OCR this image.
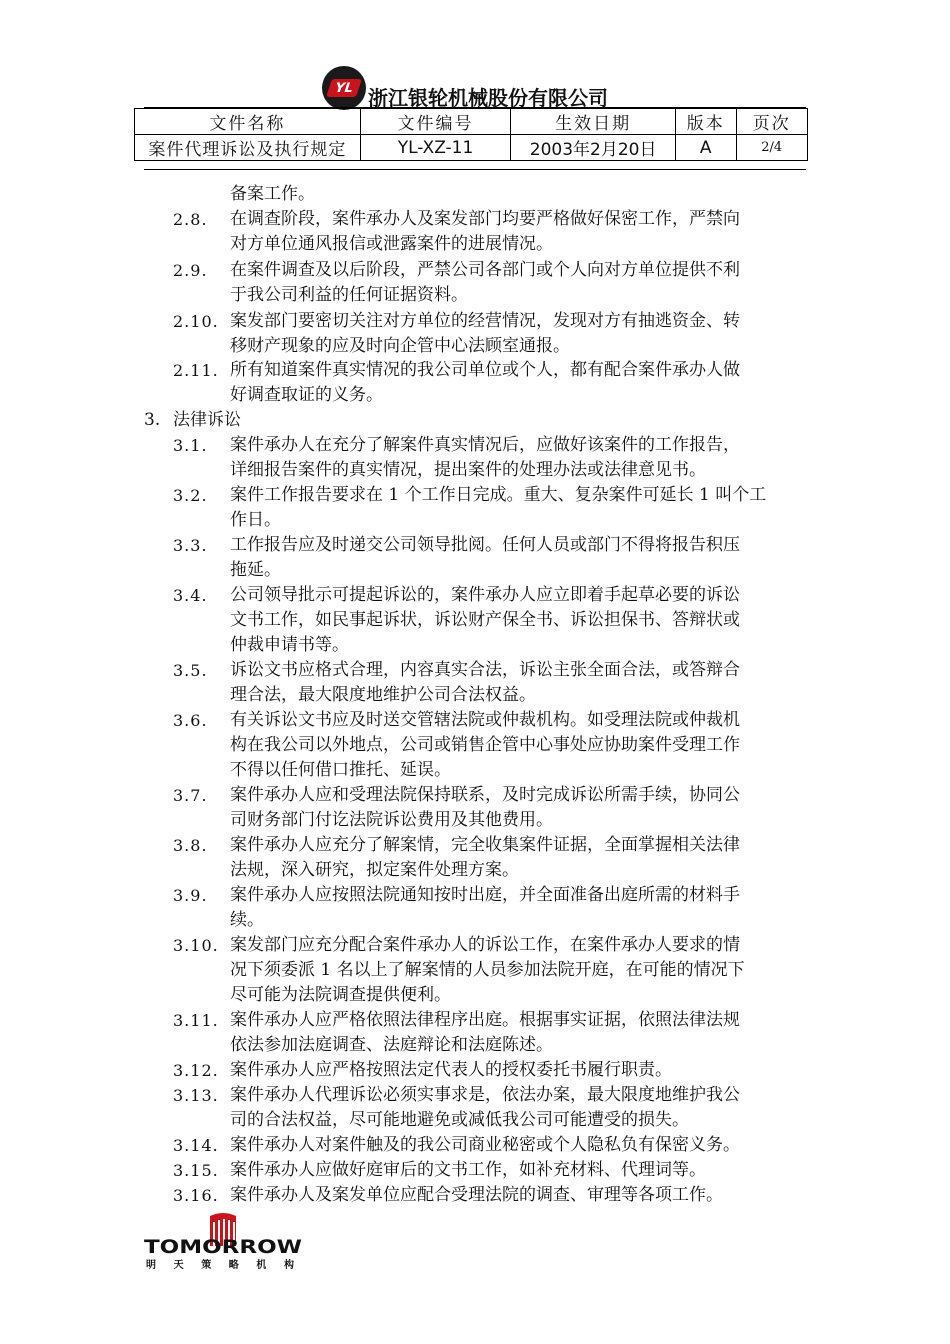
YL 浙江银轮机械股份有限公司
文件名称	文件编号	生效日期	版本	页次
案件代理诉讼及执行规定	YL-XZ-11	2003年2月20日	A	2/4
备案工作。
2.8. 在调查阶段，案件承办人及案发部门均要严格做好保密工作，严禁向
对方单位通风报信或泄露案件的进展情况。
2.9. 在案件调查及以后阶段，严禁公司各部门或个人向对方单位提供不利
于我公司利益的任何证据资料。
2.10. 案发部门要密切关注对方单位的经营情况，发现对方有抽逃资金、转
移财产现象的应及时向企管中心法顾室通报。
2.11. 所有知道案件真实情况的我公司单位或个人，都有配合案件承办人做
好调查取证的义务。
3. 法律诉讼
3.1. 案件承办人在充分了解案件真实情况后，应做好该案件的工作报告，
详细报告案件的真实情况，提出案件的处理办法或法律意见书。
3.2. 案件工作报告要求在 1 个工作日完成。重大、复杂案件可延长 1 叫个工
作日。
3.3. 工作报告应及时递交公司领导批阅。任何人员或部门不得将报告积压
拖延。
3.4. 公司领导批示可提起诉讼的，案件承办人应立即着手起草必要的诉讼
文书工作，如民事起诉状，诉讼财产保全书、诉讼担保书、答辩状或
仲裁申请书等。
3.5. 诉讼文书应格式合理，内容真实合法，诉讼主张全面合法，或答辩合
理合法，最大限度地维护公司合法权益。
3.6. 有关诉讼文书应及时送交管辖法院或仲裁机构。如受理法院或仲裁机
构在我公司以外地点，公司或销售企管中心事处应协助案件受理工作
不得以任何借口推托、延误。
3.7. 案件承办人应和受理法院保持联系，及时完成诉讼所需手续，协同公
司财务部门付讫法院诉讼费用及其他费用。
3.8. 案件承办人应充分了解案情，完全收集案件证据，全面掌握相关法律
法规，深入研究，拟定案件处理方案。
3.9. 案件承办人应按照法院通知按时出庭，并全面准备出庭所需的材料手
续。
3.10. 案发部门应充分配合案件承办人的诉讼工作，在案件承办人要求的情
况下须委派 1 名以上了解案情的人员参加法院开庭，在可能的情况下
尽可能为法院调查提供便利。
3.11. 案件承办人应严格依照法律程序出庭。根据事实证据，依照法律法规
依法参加法庭调查、法庭辩论和法庭陈述。
3.12. 案件承办人应严格按照法定代表人的授权委托书履行职责。
3.13. 案件承办人代理诉讼必须实事求是，依法办案，最大限度地维护我公
司的合法权益，尽可能地避免或减低我公司可能遭受的损失。
3.14. 案件承办人对案件触及的我公司商业秘密或个人隐私负有保密义务。
3.15. 案件承办人应做好庭审后的文书工作，如补充材料、代理词等。
3.16. 案件承办人及案发单位应配合受理法院的调查、审理等各项工作。
TOMORROW
明天策略机构
